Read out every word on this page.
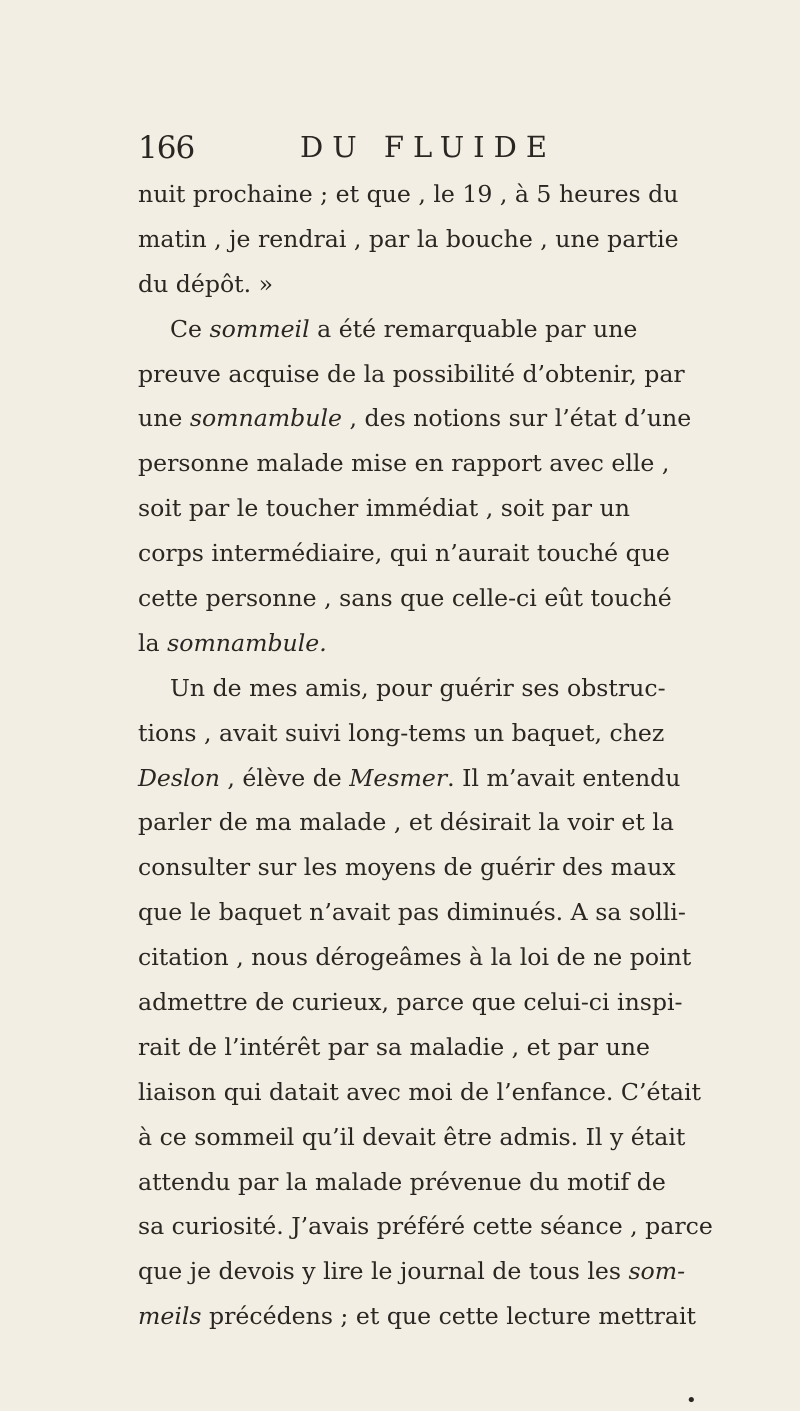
166	DU FLUIDE
nuit prochaine ; et que , le 19 , à 5 heures du
matin , je rendrai , par la bouche , une partie
du dépôt. »
Ce sommeil a été remarquable par une
preuve acquise de la possibilité d’obtenir, par
une somnambule , des notions sur l’état d’une
personne malade mise en rapport avec elle ,
soit par le toucher immédiat , soit par un
corps intermédiaire, qui n’aurait touché que
cette personne , sans que celle-ci eût touché
la somnambule.
Un de mes amis, pour guérir ses obstruc-
tions , avait suivi long-tems un baquet, chez
Deslon , élève de Mesmer. Il m’avait entendu
parler de ma malade , et désirait la voir et la
consulter sur les moyens de guérir des maux
que le baquet n’avait pas diminués. A sa solli-
citation , nous dérogeâmes à la loi de ne point
admettre de curieux, parce que celui-ci inspi-
rait de l’intérêt par sa maladie , et par une
liaison qui datait avec moi de l’enfance. C’était
à ce sommeil qu’il devait être admis. Il y était
attendu par la malade prévenue du motif de
sa curiosité. J’avais préféré cette séance , parce
que je devois y lire le journal de tous les som-
meils précédens ; et que cette lecture mettrait
•
